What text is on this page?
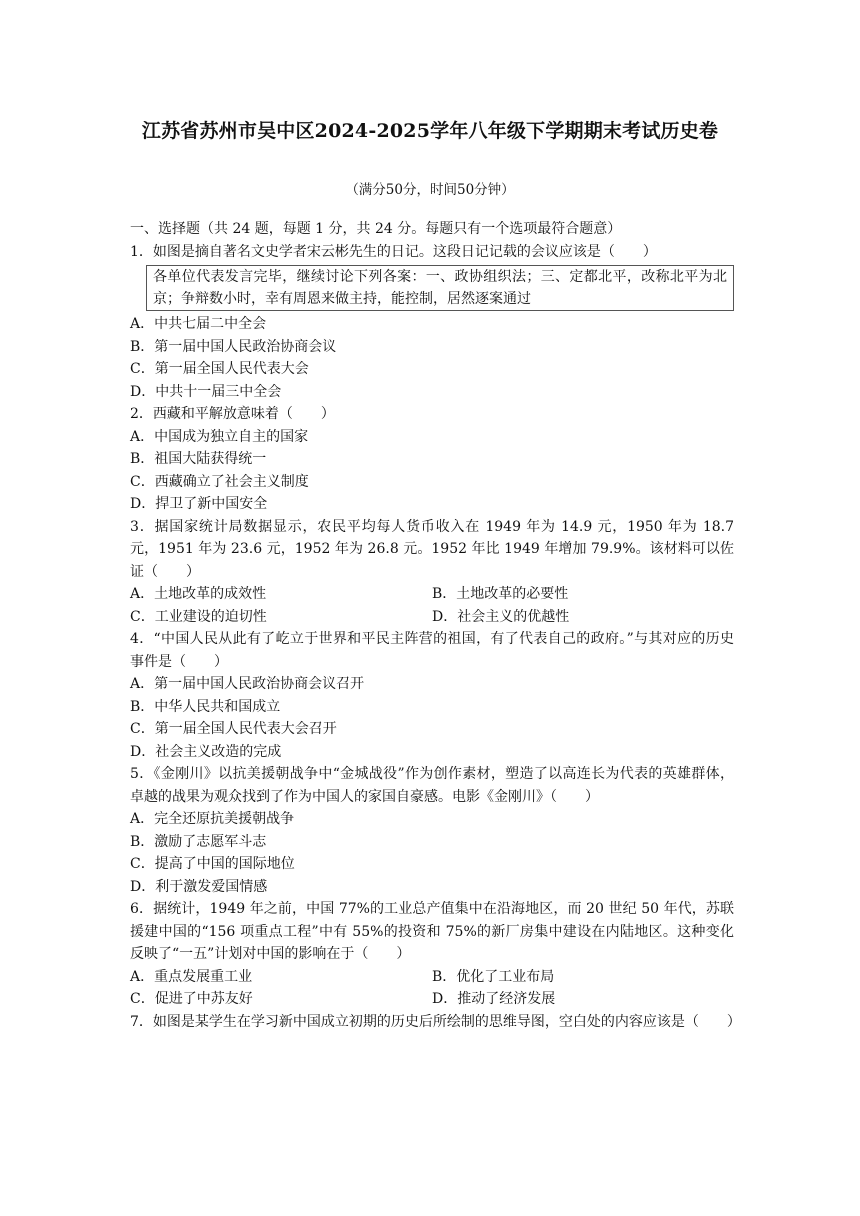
江苏省苏州市吴中区2024-2025学年八年级下学期期末考试历史卷
（满分50分，时间50分钟）
一、选择题（共 24 题，每题 1 分，共 24 分。每题只有一个选项最符合题意）
1．如图是摘自著名文史学者宋云彬先生的日记。这段日记记载的会议应该是（　　）
各单位代表发言完毕，继续讨论下列各案：一、政协组织法；三、定都北平，改称北平为北京；争辩数小时，幸有周恩来做主持，能控制，居然逐案通过
A．中共七届二中全会
B．第一届中国人民政治协商会议
C．第一届全国人民代表大会
D．中共十一届三中全会
2．西藏和平解放意味着（　　）
A．中国成为独立自主的国家
B．祖国大陆获得统一
C．西藏确立了社会主义制度
D．捍卫了新中国安全
3．据国家统计局数据显示，农民平均每人货币收入在 1949 年为 14.9 元，1950 年为 18.7 元，1951 年为 23.6 元，1952 年为 26.8 元。1952 年比 1949 年增加 79.9%。该材料可以佐证（　　）
A．土地改革的成效性	B．土地改革的必要性
C．工业建设的迫切性	D．社会主义的优越性
4．“中国人民从此有了屹立于世界和平民主阵营的祖国，有了代表自己的政府。”与其对应的历史事件是（　　）
A．第一届中国人民政治协商会议召开
B．中华人民共和国成立
C．第一届全国人民代表大会召开
D．社会主义改造的完成
5．《金刚川》以抗美援朝战争中“金城战役”作为创作素材，塑造了以高连长为代表的英雄群体，卓越的战果为观众找到了作为中国人的家国自豪感。电影《金刚川》（　　）
A．完全还原抗美援朝战争
B．激励了志愿军斗志
C．提高了中国的国际地位
D．利于激发爱国情感
6．据统计，1949 年之前，中国 77%的工业总产值集中在沿海地区，而 20 世纪 50 年代，苏联援建中国的“156 项重点工程”中有 55%的投资和 75%的新厂房集中建设在内陆地区。这种变化反映了“一五”计划对中国的影响在于（　　）
A．重点发展重工业	B．优化了工业布局
C．促进了中苏友好	D．推动了经济发展
7．如图是某学生在学习新中国成立初期的历史后所绘制的思维导图，空白处的内容应该是（　　）
